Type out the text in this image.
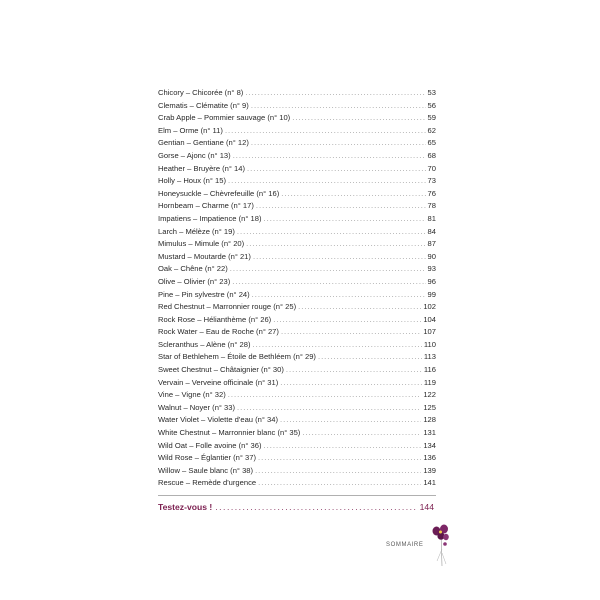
Chicory – Chicorée (n° 8) .....	53
Clematis – Clématite (n° 9) .....	56
Crab Apple – Pommier sauvage (n° 10) .....	59
Elm – Orme (n° 11) .....	62
Gentian – Gentiane (n° 12) .....	65
Gorse – Ajonc (n° 13) .....	68
Heather – Bruyère (n° 14) .....	70
Holly – Houx (n° 15) .....	73
Honeysuckle – Chèvrefeuille (n° 16) .....	76
Hornbeam – Charme (n° 17) .....	78
Impatiens – Impatience (n° 18) .....	81
Larch – Mélèze (n° 19) .....	84
Mimulus – Mimule (n° 20) .....	87
Mustard – Moutarde (n° 21) .....	90
Oak – Chêne (n° 22) .....	93
Olive – Olivier (n° 23) .....	96
Pine – Pin sylvestre (n° 24) .....	99
Red Chestnut – Marronnier rouge (n° 25) .....	102
Rock Rose – Hélianthème (n° 26) .....	104
Rock Water – Eau de Roche (n° 27) .....	107
Scleranthus – Alène (n° 28) .....	110
Star of Bethlehem – Étoile de Bethléem (n° 29) .....	113
Sweet Chestnut – Châtaignier (n° 30) .....	116
Vervain – Verveine officinale (n° 31) .....	119
Vine – Vigne (n° 32) .....	122
Walnut – Noyer (n° 33) .....	125
Water Violet – Violette d'eau (n° 34) .....	128
White Chestnut – Marronnier blanc (n° 35) .....	131
Wild Oat – Folle avoine (n° 36) .....	134
Wild Rose – Églantier (n° 37) .....	136
Willow – Saule blanc (n° 38) .....	139
Rescue – Remède d'urgence .....	141
Testez-vous ! .....	144
SOMMAIRE
